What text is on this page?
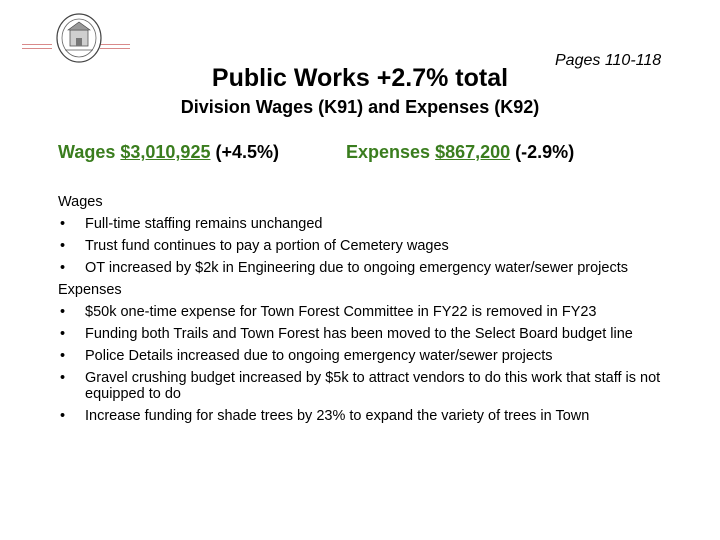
Pages 110-118
Public Works +2.7% total
Division Wages (K91) and Expenses (K92)
Wages $3,010,925 (+4.5%)	Expenses $867,200 (-2.9%)
Wages
• Full-time staffing remains unchanged
• Trust fund continues to pay a portion of Cemetery wages
• OT increased by $2k in Engineering due to ongoing emergency water/sewer projects
Expenses
• $50k one-time expense for Town Forest Committee in FY22 is removed in FY23
• Funding both Trails and Town Forest has been moved to the Select Board budget line
• Police Details increased due to ongoing emergency water/sewer projects
• Gravel crushing budget increased by $5k to attract vendors to do this work that staff is not equipped to do
• Increase funding for shade trees by 23% to expand the variety of trees in Town
